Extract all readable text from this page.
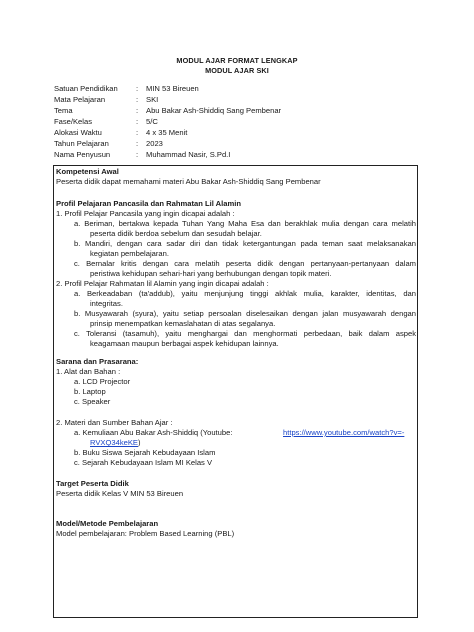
MODUL AJAR FORMAT LENGKAP
MODUL AJAR SKI
Satuan Pendidikan : MIN 53 Bireuen
Mata Pelajaran	: SKI
Tema	: Abu Bakar Ash-Shiddiq Sang Pembenar
Fase/Kelas	: 5/C
Alokasi Waktu	: 4 x 35 Menit
Tahun Pelajaran	: 2023
Nama Penyusun	: Muhammad Nasir, S.Pd.I
Kompetensi Awal
Peserta didik dapat memahami materi Abu Bakar Ash-Shiddiq Sang Pembenar
Profil Pelajaran Pancasila dan Rahmatan Lil Alamin
1. Profil Pelajar Pancasila yang ingin dicapai adalah :
a. Beriman, bertakwa kepada Tuhan Yang Maha Esa dan berakhlak mulia dengan cara melatih
peserta didik berdoa sebelum dan sesudah belajar.
b. Mandiri, dengan cara sadar diri dan tidak ketergantungan pada teman saat melaksanakan
kegiatan pembelajaran.
c. Bernalar kritis dengan cara melatih peserta didik dengan pertanyaan-pertanyaan dalam
peristiwa kehidupan sehari-hari yang berhubungan dengan topik materi.
2. Profil Pelajar Rahmatan lil Alamin yang ingin dicapai adalah :
a. Berkeadaban (ta'addub), yaitu menjunjung tinggi akhlak mulia, karakter, identitas, dan
integritas.
b. Musyawarah (syura), yaitu setiap persoalan diselesaikan dengan jalan musyawarah dengan
prinsip menempatkan kemaslahatan di atas segalanya.
c. Toleransi (tasamuh), yaitu menghargai dan menghormati perbedaan, baik dalam aspek
keagamaan maupun berbagai aspek kehidupan lainnya.
Sarana dan Prasarana:
1. Alat dan Bahan :
a. LCD Projector
b. Laptop
c. Speaker
2. Materi dan Sumber Bahan Ajar :
a. Kemuliaan Abu Bakar Ash-Shiddiq (Youtube:	https://www.youtube.com/watch?v=-
RVXQ34keKE)
b. Buku Siswa Sejarah Kebudayaan Islam
c. Sejarah Kebudayaan Islam MI Kelas V
Target Peserta Didik
Peserta didik Kelas V MIN 53 Bireuen
Model/Metode Pembelajaran
Model pembelajaran: Problem Based Learning (PBL)
